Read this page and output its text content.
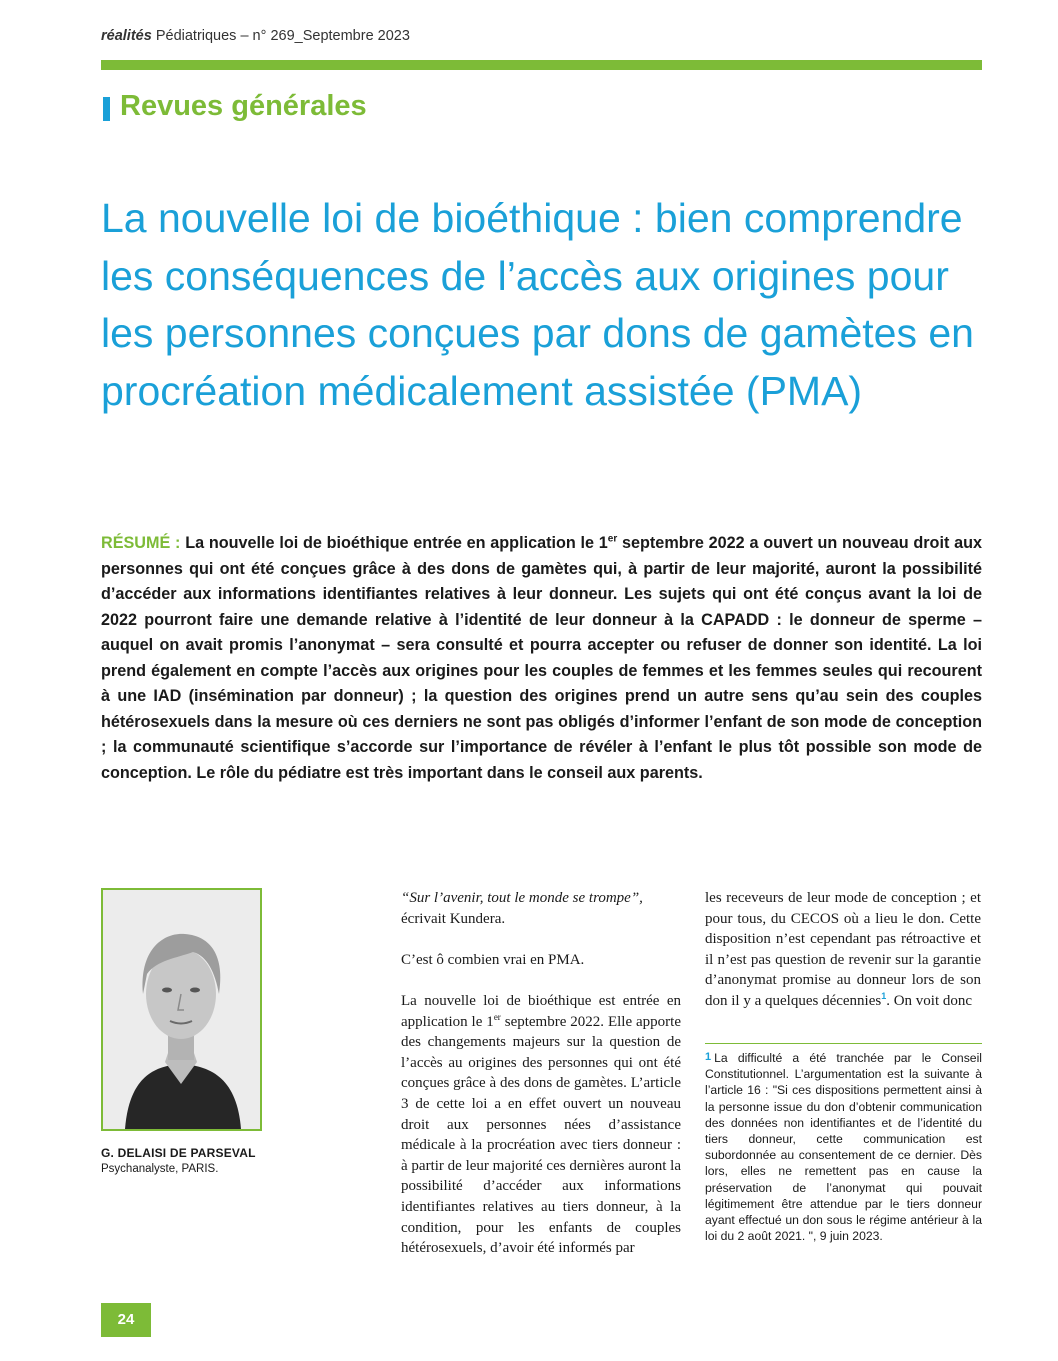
réalités Pédiatriques – n° 269_Septembre 2023
Revues générales
La nouvelle loi de bioéthique : bien comprendre les conséquences de l’accès aux origines pour les personnes conçues par dons de gamètes en procréation médicalement assistée (PMA)

RÉSUMÉ : La nouvelle loi de bioéthique entrée en application le 1er septembre 2022 a ouvert un nouveau droit aux personnes qui ont été conçues grâce à des dons de gamètes qui, à partir de leur majorité, auront la possibilité d’accéder aux informations identifiantes relatives à leur donneur. Les sujets qui ont été conçus avant la loi de 2022 pourront faire une demande relative à l’identité de leur donneur à la CAPADD : le donneur de sperme – auquel on avait promis l’anonymat – sera consulté et pourra accepter ou refuser de donner son identité. La loi prend également en compte l’accès aux origines pour les couples de femmes et les femmes seules qui recourent à une IAD (insémination par donneur) ; la question des origines prend un autre sens qu’au sein des couples hétérosexuels dans la mesure où ces derniers ne sont pas obligés d’informer l’enfant de son mode de conception ; la communauté scientifique s’accorde sur l’importance de révéler à l’enfant le plus tôt possible son mode de conception. Le rôle du pédiatre est très important dans le conseil aux parents.

G. DELAISI DE PARSEVAL
Psychanalyste, PARIS.

“Sur l’avenir, tout le monde se trompe”,
écrivait Kundera.

C’est ô combien vrai en PMA.

La nouvelle loi de bioéthique est entrée en application le 1er septembre 2022. Elle apporte des changements majeurs sur la question de l’accès au origines des personnes qui ont été conçues grâce à des dons de gamètes. L’article 3 de cette loi a en effet ouvert un nouveau droit aux personnes nées d’assistance médicale à la procréation avec tiers donneur : à partir de leur majorité ces dernières auront la possibilité d’accéder aux informations identifiantes relatives au tiers donneur, à la condition, pour les enfants de couples hétérosexuels, d’avoir été informés par

les receveurs de leur mode de conception ; et pour tous, du CECOS où a lieu le don. Cette disposition n’est cependant pas rétroactive et il n’est pas question de revenir sur la garantie d’anonymat promise au donneur lors de son don il y a quelques décennies$^1$. On voit donc

1 La difficulté a été tranchée par le Conseil Constitutionnel. L’argumentation est la suivante à l’article 16 : "Si ces dispositions permettent ainsi à la personne issue du don d’obtenir communication des données non identifiantes et de l’identité du tiers donneur, cette communication est subordonnée au consentement de ce dernier. Dès lors, elles ne remettent pas en cause la préservation de l’anonymat qui pouvait légitimement être attendue par le tiers donneur ayant effectué un don sous le régime antérieur à la loi du 2 août 2021. ", 9 juin 2023.

24
